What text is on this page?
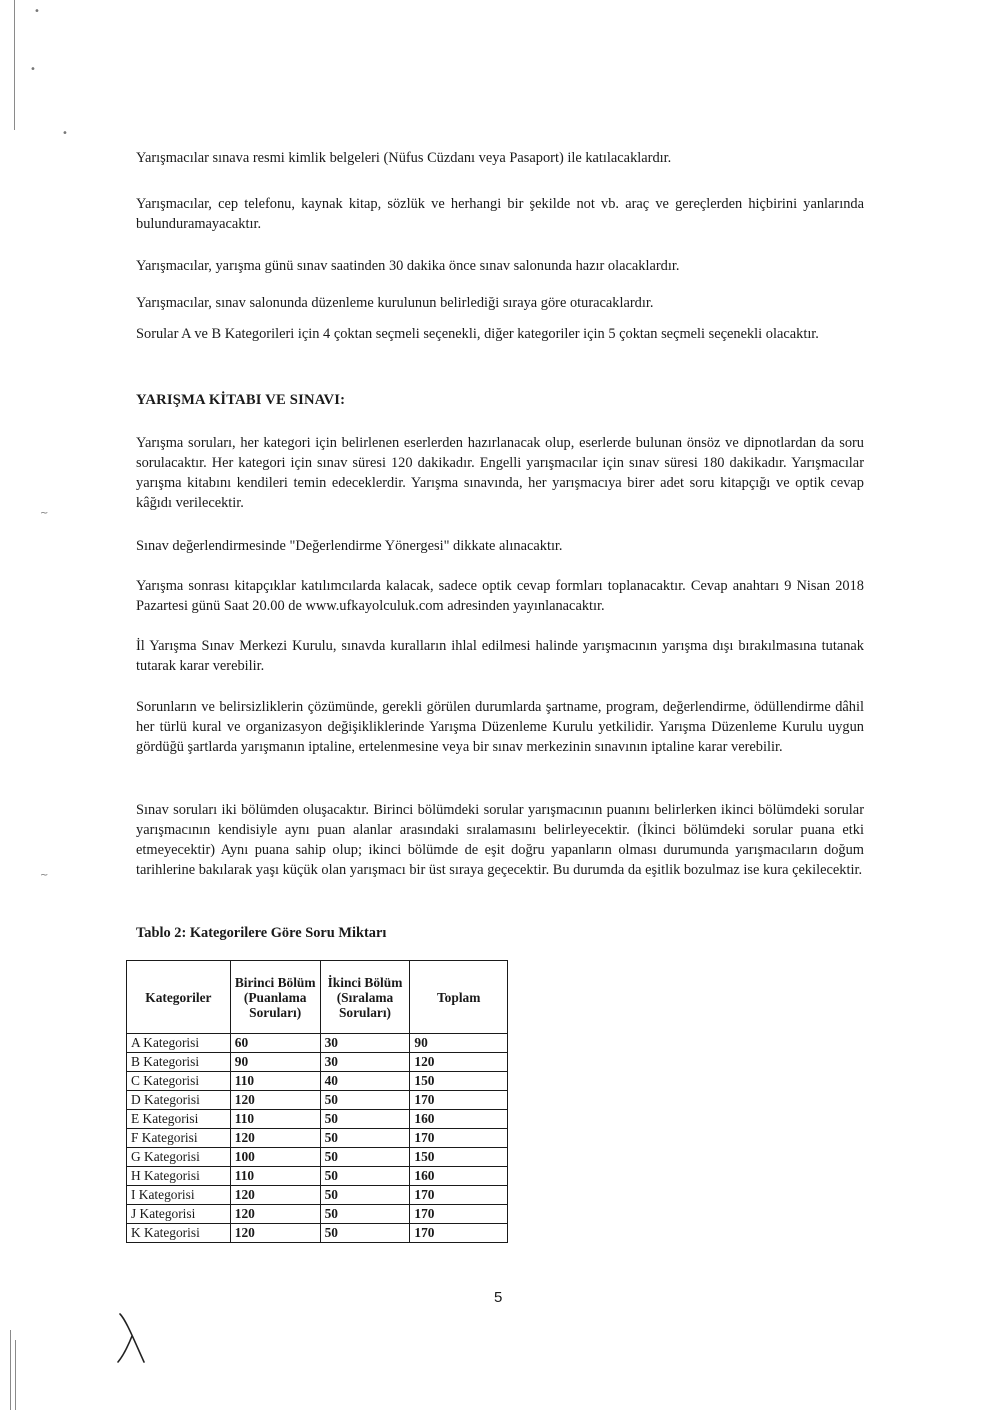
•
•
•
~
~

Yarışmacılar sınava resmi kimlik belgeleri (Nüfus Cüzdanı veya Pasaport) ile katılacaklardır.

Yarışmacılar, cep telefonu, kaynak kitap, sözlük ve herhangi bir şekilde not vb. araç ve gereçlerden hiçbirini yanlarında bulunduramayacaktır.

Yarışmacılar, yarışma günü sınav saatinden 30 dakika önce sınav salonunda hazır olacaklardır.

Yarışmacılar, sınav salonunda düzenleme kurulunun belirlediği sıraya göre oturacaklardır.

Sorular A ve B Kategorileri için 4 çoktan seçmeli seçenekli, diğer kategoriler için 5 çoktan seçmeli seçenekli olacaktır.

YARIŞMA KİTABI VE SINAVI:

Yarışma soruları, her kategori için belirlenen eserlerden hazırlanacak olup, eserlerde bulunan önsöz ve dipnotlardan da soru sorulacaktır. Her kategori için sınav süresi 120 dakikadır. Engelli yarışmacılar için sınav süresi 180 dakikadır. Yarışmacılar yarışma kitabını kendileri temin edeceklerdir. Yarışma sınavında, her yarışmacıya birer adet soru kitapçığı ve optik cevap kâğıdı verilecektir.

Sınav değerlendirmesinde "Değerlendirme Yönergesi" dikkate alınacaktır.

Yarışma sonrası kitapçıklar katılımcılarda kalacak, sadece optik cevap formları toplanacaktır. Cevap anahtarı 9 Nisan 2018 Pazartesi günü Saat 20.00 de www.ufkayolculuk.com adresinden yayınlanacaktır.

İl Yarışma Sınav Merkezi Kurulu, sınavda kuralların ihlal edilmesi halinde yarışmacının yarışma dışı bırakılmasına tutanak tutarak karar verebilir.

Sorunların ve belirsizliklerin çözümünde, gerekli görülen durumlarda şartname, program, değerlendirme, ödüllendirme dâhil her türlü kural ve organizasyon değişikliklerinde Yarışma Düzenleme Kurulu yetkilidir. Yarışma Düzenleme Kurulu uygun gördüğü şartlarda yarışmanın iptaline, ertelenmesine veya bir sınav merkezinin sınavının iptaline karar verebilir.

Sınav soruları iki bölümden oluşacaktır. Birinci bölümdeki sorular yarışmacının puanını belirlerken ikinci bölümdeki sorular yarışmacının kendisiyle aynı puan alanlar arasındaki sıralamasını belirleyecektir. (İkinci bölümdeki sorular puana etki etmeyecektir) Aynı puana sahip olup; ikinci bölümde de eşit doğru yapanların olması durumunda yarışmacıların doğum tarihlerine bakılarak yaşı küçük olan yarışmacı bir üst sıraya geçecektir. Bu durumda da eşitlik bozulmaz ise kura çekilecektir.

Tablo 2: Kategorilere Göre Soru Miktarı

Kategoriler	Birinci Bölüm (Puanlama Soruları)	İkinci Bölüm (Sıralama Soruları)	Toplam
A Kategorisi	60	30	90
B Kategorisi	90	30	120
C Kategorisi	110	40	150
D Kategorisi	120	50	170
E Kategorisi	110	50	160
F Kategorisi	120	50	170
G Kategorisi	100	50	150
H Kategorisi	110	50	160
I Kategorisi	120	50	170
J Kategorisi	120	50	170
K Kategorisi	120	50	170
5
